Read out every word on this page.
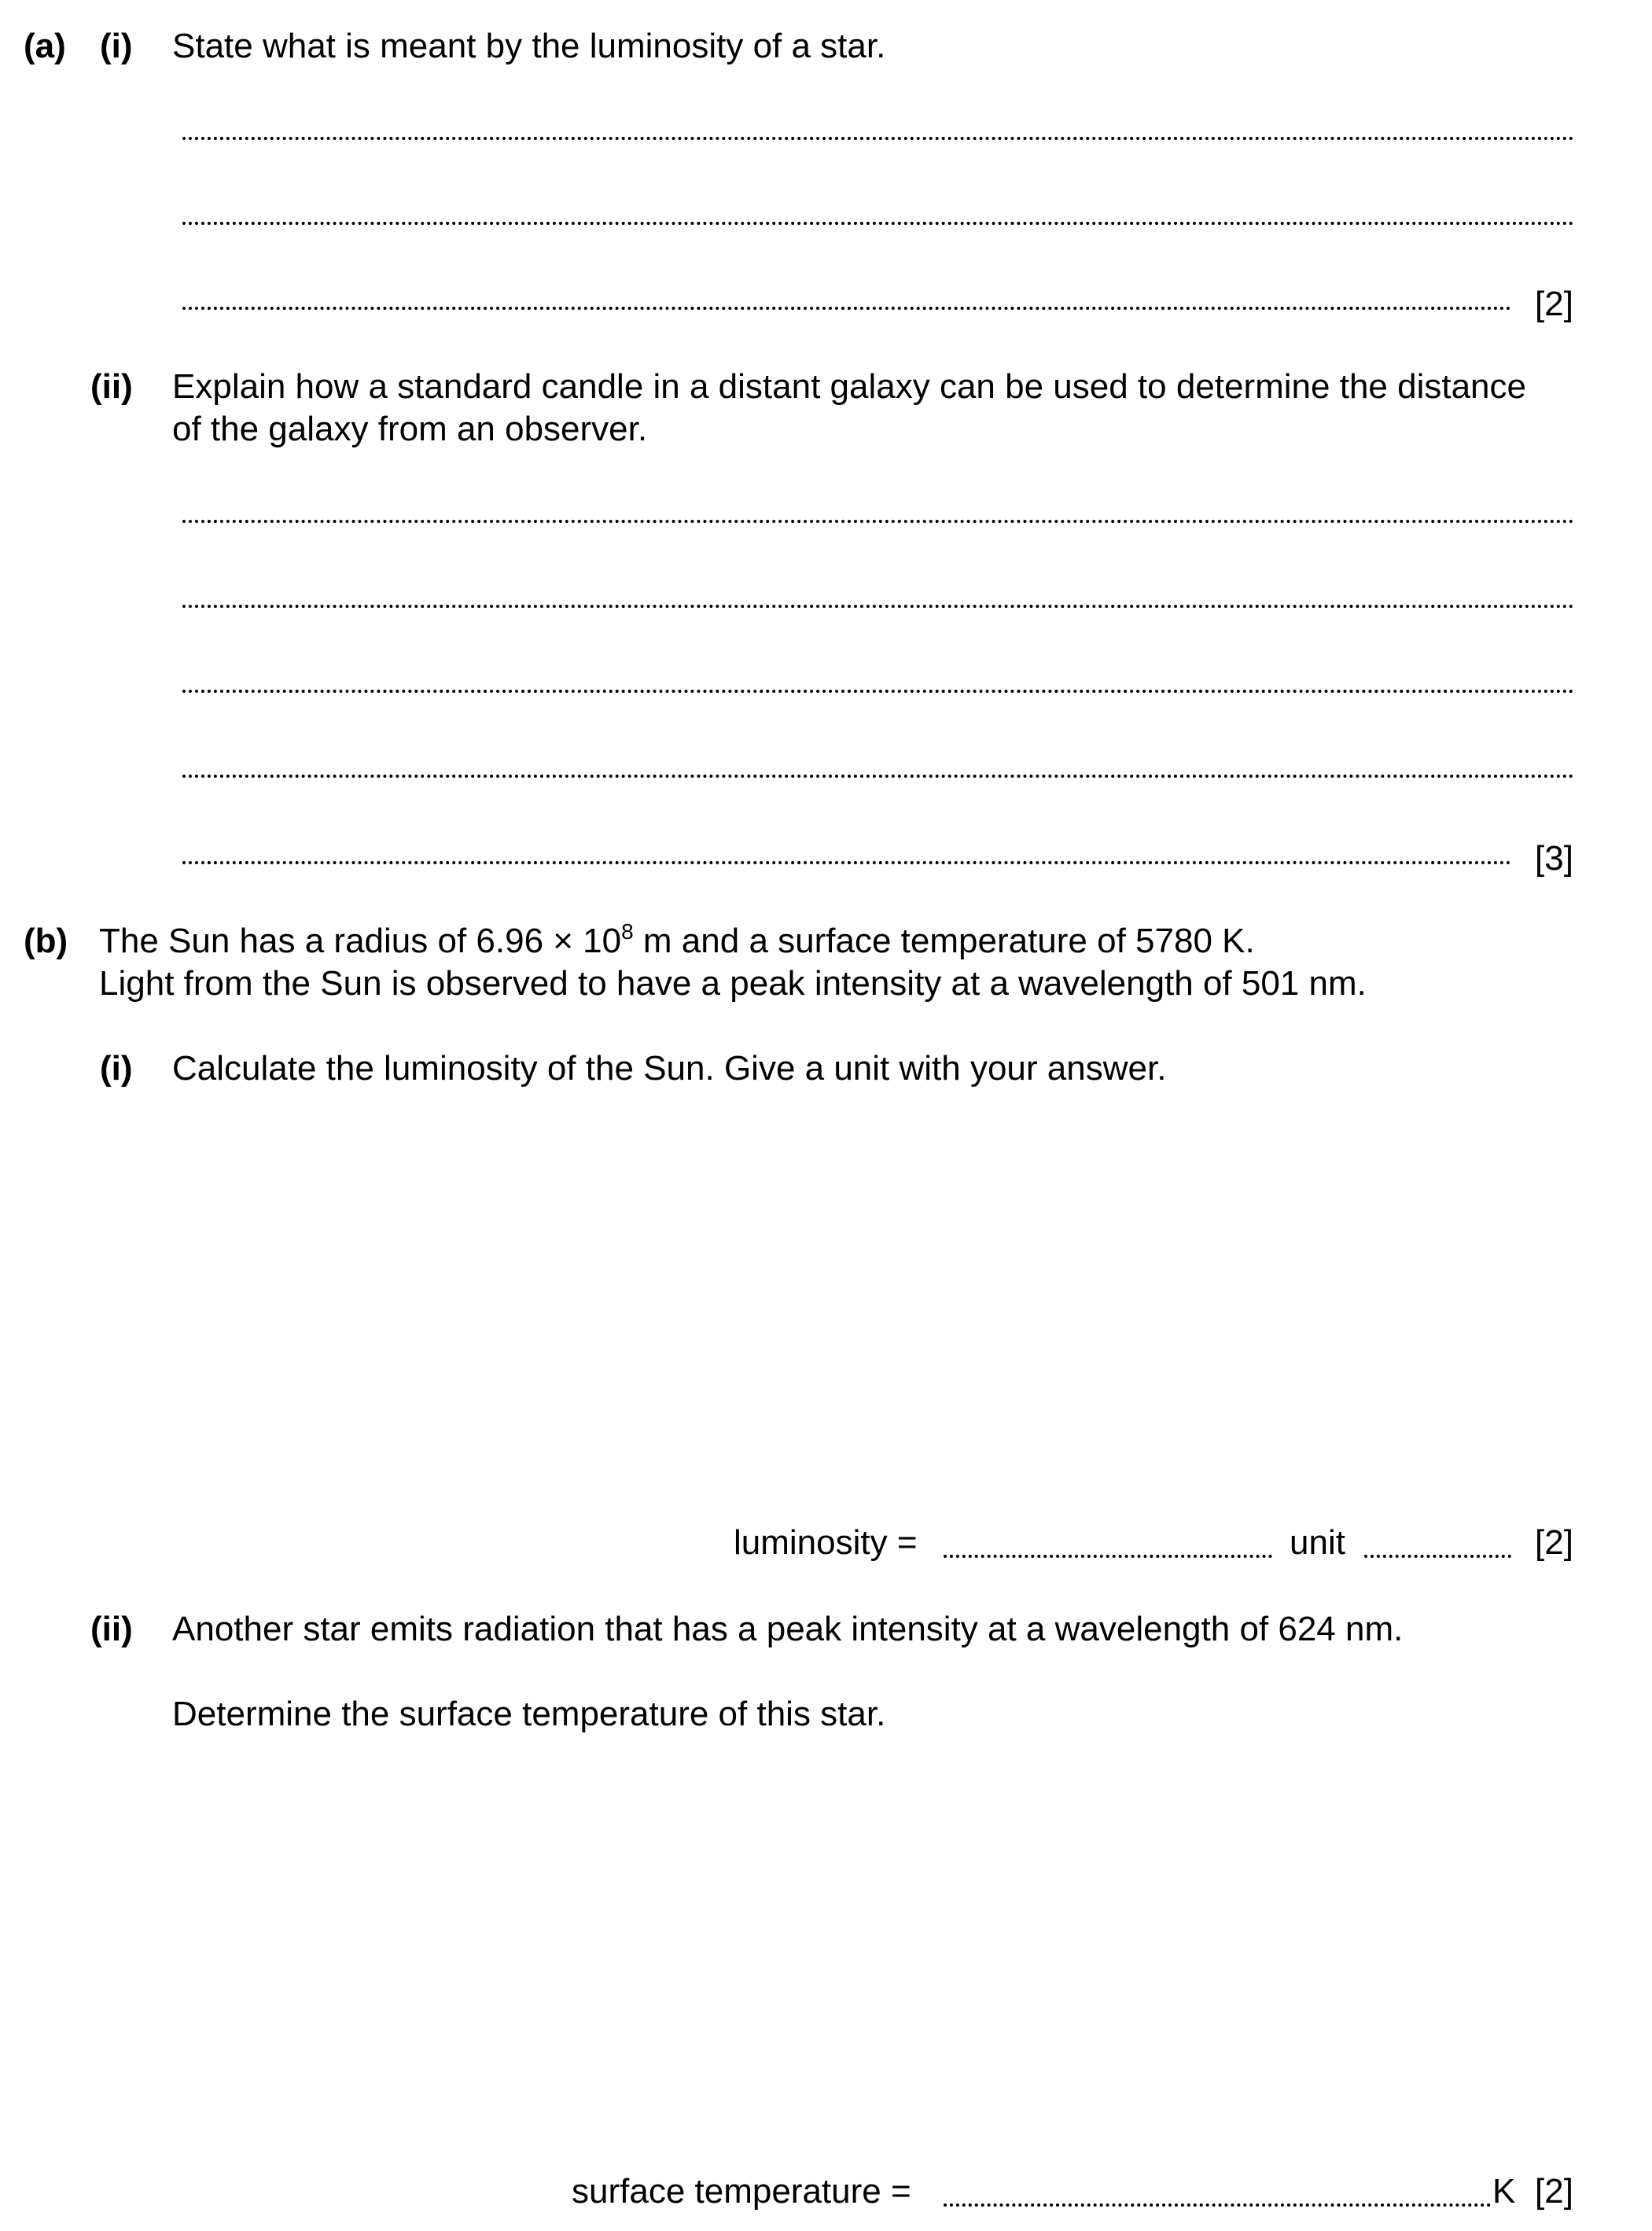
(a) (i) State what is meant by the luminosity of a star.
[2]
(ii) Explain how a standard candle in a distant galaxy can be used to determine the distance
of the galaxy from an observer.
[3]
(b) The Sun has a radius of $6.96 \times 10^8$ m and a surface temperature of 5780 K.
Light from the Sun is observed to have a peak intensity at a wavelength of 501 nm.
(i) Calculate the luminosity of the Sun. Give a unit with your answer.
luminosity =	unit	[2]
(ii) Another star emits radiation that has a peak intensity at a wavelength of 624 nm.
Determine the surface temperature of this star.
surface temperature =	K [2]
